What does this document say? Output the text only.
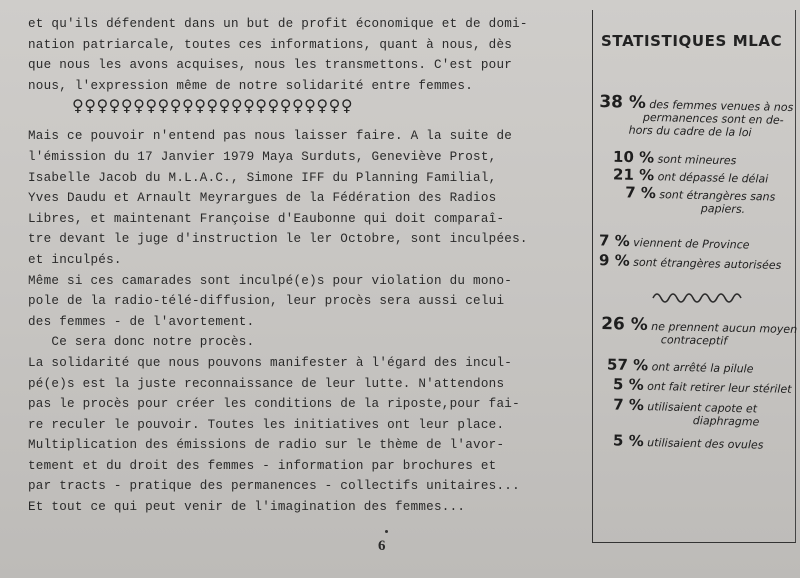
et qu'ils défendent dans un but de profit économique et de domi-
nation patriarcale, toutes ces informations, quant à nous, dès
que nous les avons acquises, nous les transmettons. C'est pour
nous, l'expression même de notre solidarité entre femmes.
♀♀♀♀♀♀♀♀♀♀♀♀♀♀♀♀♀♀♀♀♀♀♀
Mais ce pouvoir n'entend pas nous laisser faire. A la suite de
l'émission du 17 Janvier 1979 Maya Surduts, Geneviève Prost,
Isabelle Jacob du M.L.A.C., Simone IFF du Planning Familial,
Yves Daudu et Arnault Meyrargues de la Fédération des Radios
Libres, et maintenant Françoise d'Eaubonne qui doit comparaî-
tre devant le juge d'instruction le ler Octobre, sont inculpées.
et inculpés.
Même si ces camarades sont inculpé(e)s pour violation du mono-
pole de la radio-télé-diffusion, leur procès sera aussi celui
des femmes - de l'avortement.
Ce sera donc notre procès.
La solidarité que nous pouvons manifester à l'égard des incul-
pé(e)s est la juste reconnaissance de leur lutte. N'attendons
pas le procès pour créer les conditions de la riposte,pour fai-
re reculer le pouvoir. Toutes les initiatives ont leur place.
Multiplication des émissions de radio sur le thème de l'avor-
tement et du droit des femmes - information par brochures et
par tracts - pratique des permanences - collectifs unitaires...
Et tout ce qui peut venir de l'imagination des femmes...
6
STATISTIQUES MLAC
38 % des femmes venues à nos
permanences sont en de-
hors du cadre de la loi
10 % sont mineures
21 % ont dépassé le délai
7 % sont étrangères sans
papiers.
7 % viennent de Province
9 % sont étrangères autorisées
26 % ne prennent aucun moyen
contraceptif
57 % ont arrêté la pilule
5 % ont fait retirer leur stérilet
7 % utilisaient capote et
diaphragme
5 % utilisaient des ovules
